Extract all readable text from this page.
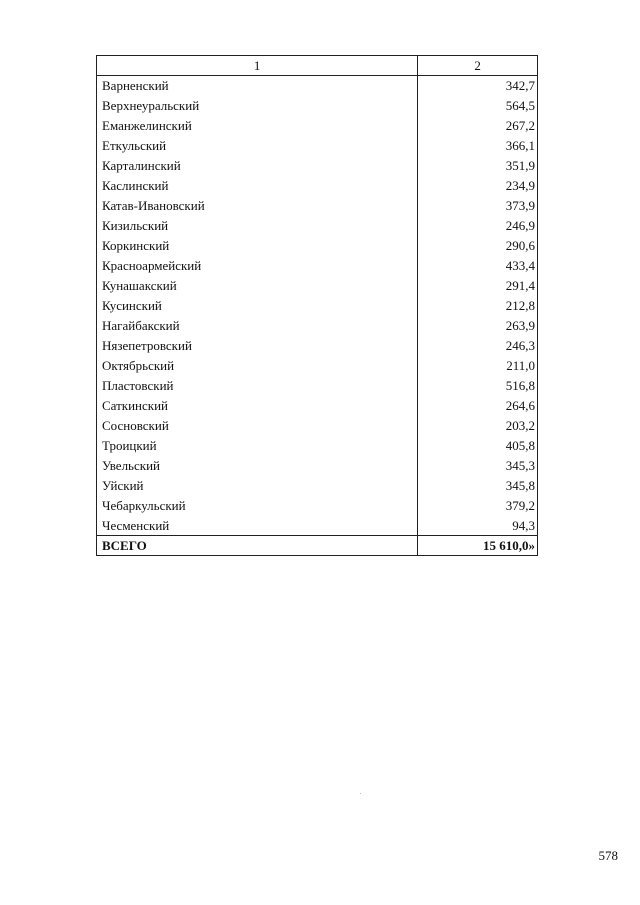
1	2
Варненский	342,7
Верхнеуральский	564,5
Еманжелинский	267,2
Еткульский	366,1
Карталинский	351,9
Каслинский	234,9
Катав-Ивановский	373,9
Кизильский	246,9
Коркинский	290,6
Красноармейский	433,4
Кунашакский	291,4
Кусинский	212,8
Нагайбакский	263,9
Нязепетровский	246,3
Октябрьский	211,0
Пластовский	516,8
Саткинский	264,6
Сосновский	203,2
Троицкий	405,8
Увельский	345,3
Уйский	345,8
Чебаркульский	379,2
Чесменский	94,3
ВСЕГО	15 610,0»
578
